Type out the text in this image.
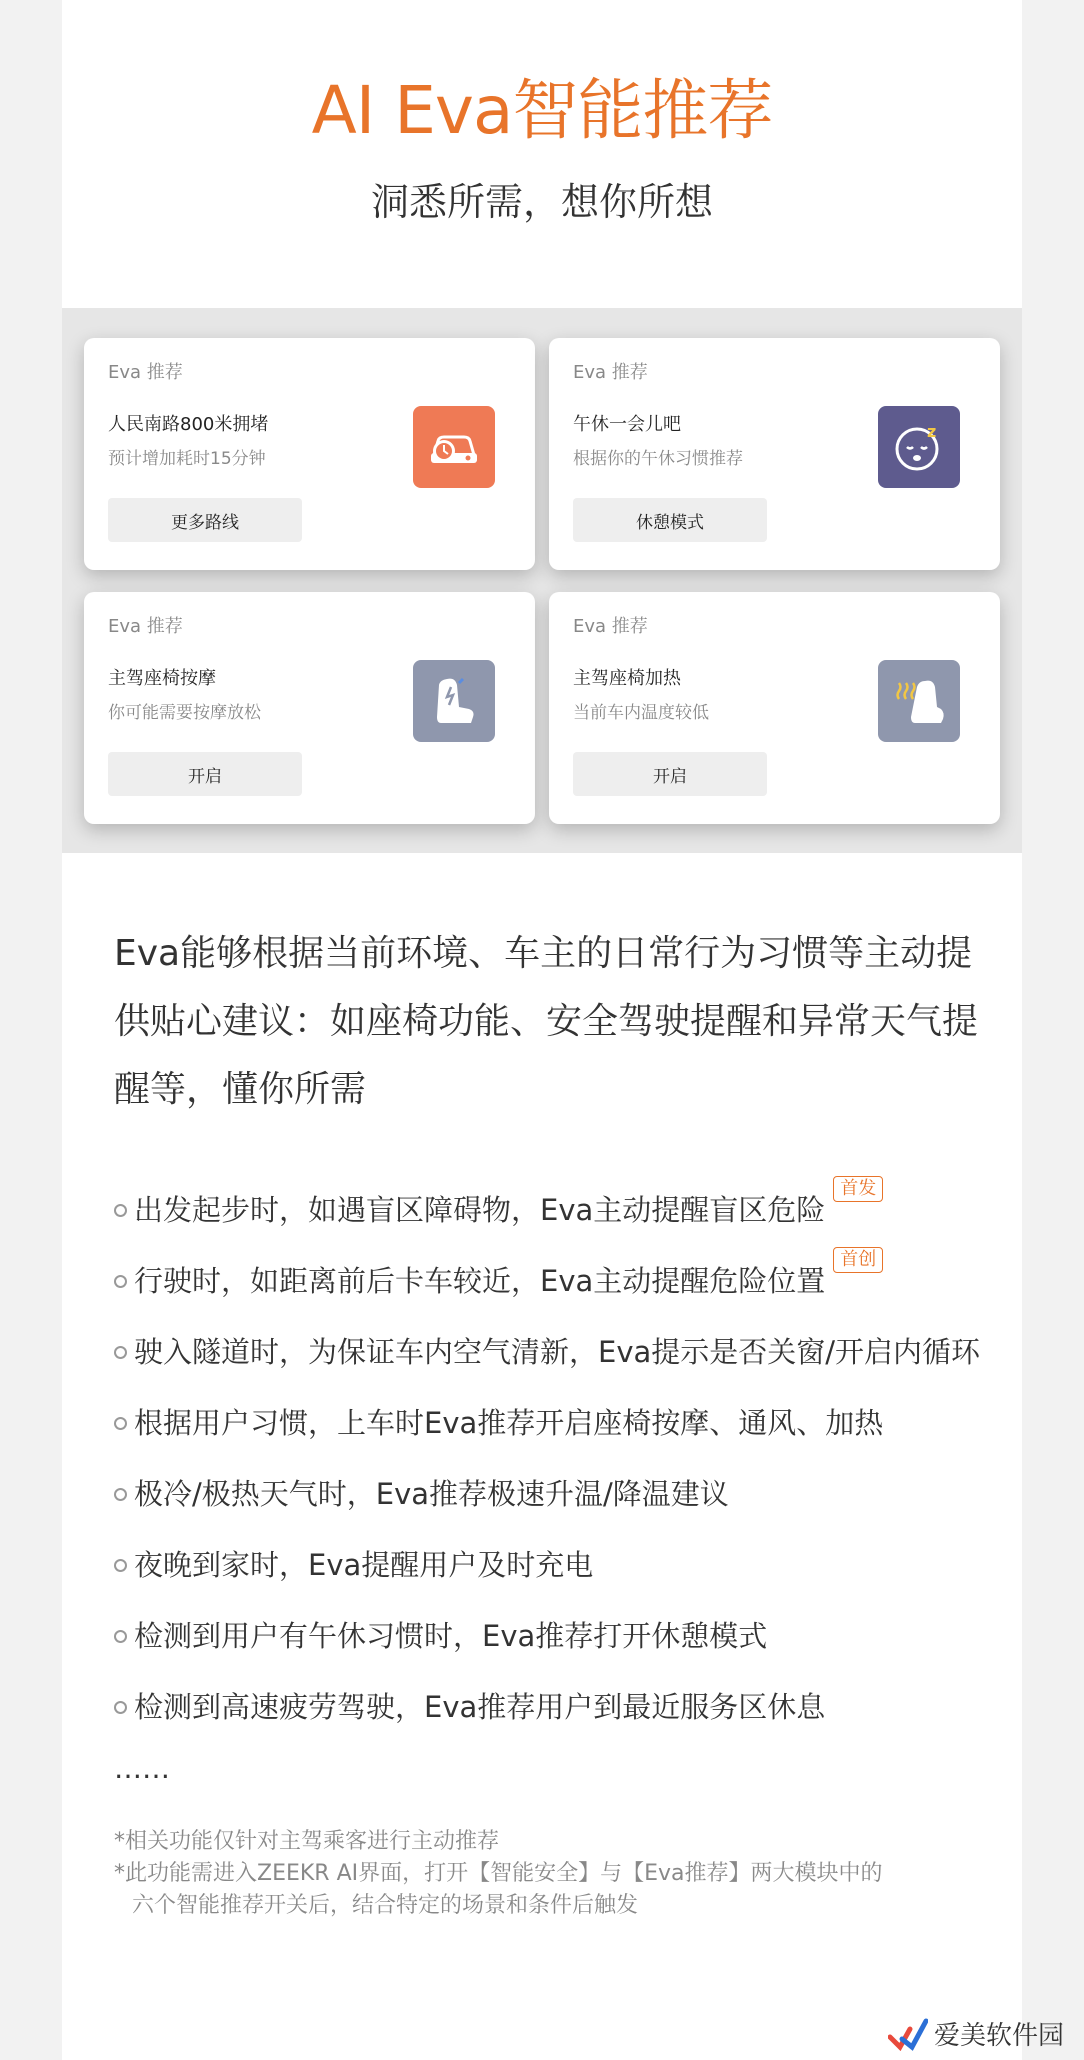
AI Eva智能推荐
洞悉所需，想你所想
Eva 推荐
人民南路800米拥堵
预计增加耗时15分钟
更多路线
Eva 推荐
午休一会儿吧
根据你的午休习惯推荐
休憩模式
z
Eva 推荐
主驾座椅按摩
你可能需要按摩放松
开启
Eva 推荐
主驾座椅加热
当前车内温度较低
开启
Eva能够根据当前环境、车主的日常行为习惯等主动提供贴心建议：如座椅功能、安全驾驶提醒和异常天气提醒等，懂你所需
出发起步时，如遇盲区障碍物，Eva主动提醒盲区危险首发
行驶时，如距离前后卡车较近，Eva主动提醒危险位置首创
驶入隧道时，为保证车内空气清新，Eva提示是否关窗/开启内循环
根据用户习惯，上车时Eva推荐开启座椅按摩、通风、加热
极冷/极热天气时，Eva推荐极速升温/降温建议
夜晚到家时，Eva提醒用户及时充电
检测到用户有午休习惯时，Eva推荐打开休憩模式
检测到高速疲劳驾驶，Eva推荐用户到最近服务区休息
……

*相关功能仅针对主驾乘客进行主动推荐

*此功能需进入ZEEKR AI界面，打开【智能安全】与【Eva推荐】两大模块中的

六个智能推荐开关后，结合特定的场景和条件后触发

爱美软件园
